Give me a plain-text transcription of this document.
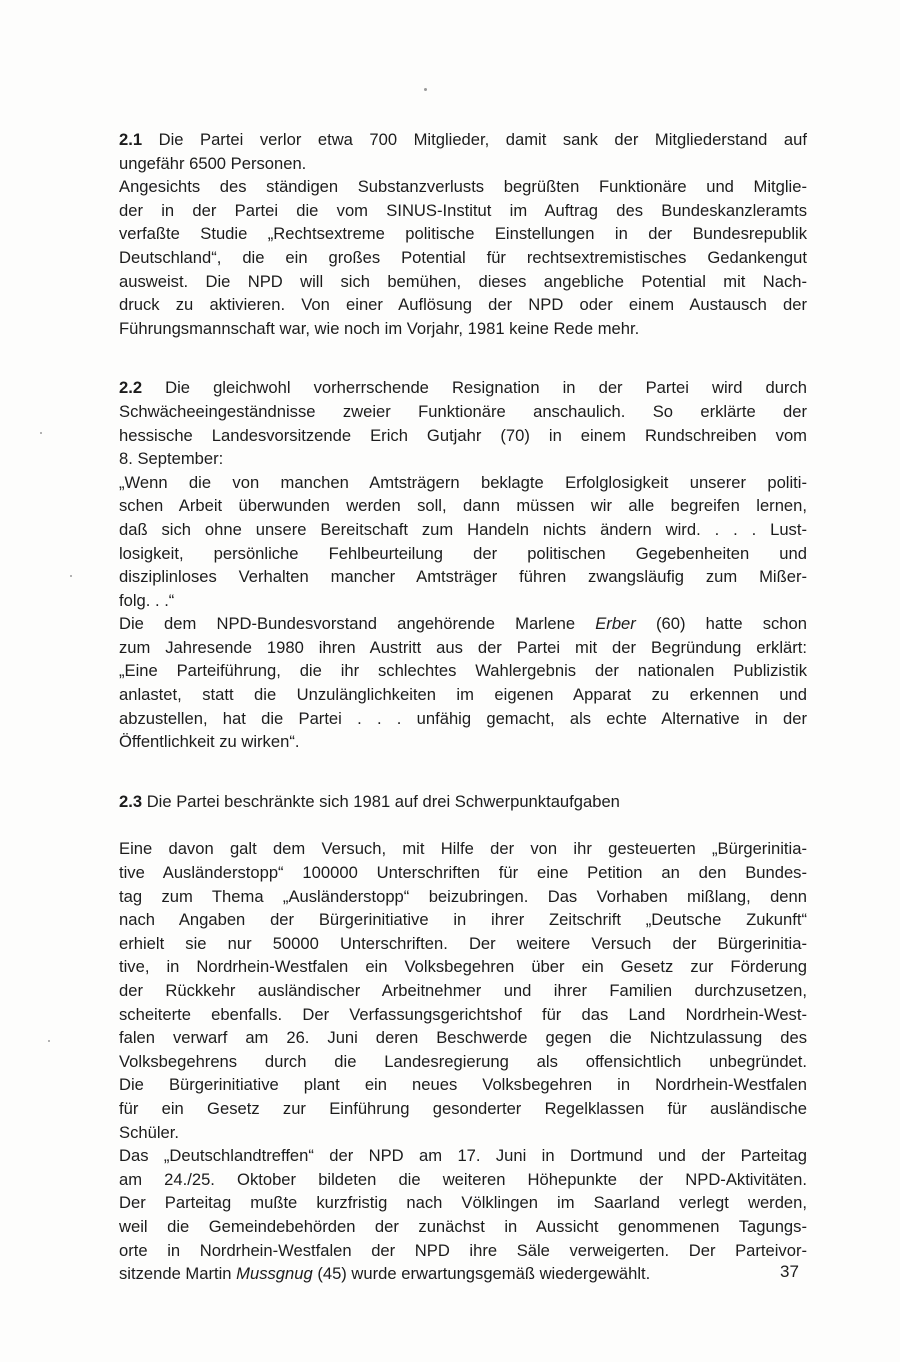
2.1 Die Partei verlor etwa 700 Mitglieder, damit sank der Mitgliederstand auf
ungefähr 6500 Personen.
Angesichts des ständigen Substanzverlusts begrüßten Funktionäre und Mitglie-
der in der Partei die vom SINUS-Institut im Auftrag des Bundeskanzleramts
verfaßte Studie „Rechtsextreme politische Einstellungen in der Bundesrepublik
Deutschland“, die ein großes Potential für rechtsextremistisches Gedankengut
ausweist. Die NPD will sich bemühen, dieses angebliche Potential mit Nach-
druck zu aktivieren. Von einer Auflösung der NPD oder einem Austausch der
Führungsmannschaft war, wie noch im Vorjahr, 1981 keine Rede mehr.
2.2 Die gleichwohl vorherrschende Resignation in der Partei wird durch
Schwächeeingeständnisse zweier Funktionäre anschaulich. So erklärte der
hessische Landesvorsitzende Erich Gutjahr (70) in einem Rundschreiben vom
8. September:
„Wenn die von manchen Amtsträgern beklagte Erfolglosigkeit unserer politi-
schen Arbeit überwunden werden soll, dann müssen wir alle begreifen lernen,
daß sich ohne unsere Bereitschaft zum Handeln nichts ändern wird. . . . Lust-
losigkeit, persönliche Fehlbeurteilung der politischen Gegebenheiten und
disziplinloses Verhalten mancher Amtsträger führen zwangsläufig zum Mißer-
folg. . .“
Die dem NPD-Bundesvorstand angehörende Marlene Erber (60) hatte schon
zum Jahresende 1980 ihren Austritt aus der Partei mit der Begründung erklärt:
„Eine Parteiführung, die ihr schlechtes Wahlergebnis der nationalen Publizistik
anlastet, statt die Unzulänglichkeiten im eigenen Apparat zu erkennen und
abzustellen, hat die Partei . . . unfähig gemacht, als echte Alternative in der
Öffentlichkeit zu wirken“.
2.3 Die Partei beschränkte sich 1981 auf drei Schwerpunktaufgaben
Eine davon galt dem Versuch, mit Hilfe der von ihr gesteuerten „Bürgerinitia-
tive Ausländerstopp“ 100000 Unterschriften für eine Petition an den Bundes-
tag zum Thema „Ausländerstopp“ beizubringen. Das Vorhaben mißlang, denn
nach Angaben der Bürgerinitiative in ihrer Zeitschrift „Deutsche Zukunft“
erhielt sie nur 50000 Unterschriften. Der weitere Versuch der Bürgerinitia-
tive, in Nordrhein-Westfalen ein Volksbegehren über ein Gesetz zur Förderung
der Rückkehr ausländischer Arbeitnehmer und ihrer Familien durchzusetzen,
scheiterte ebenfalls. Der Verfassungsgerichtshof für das Land Nordrhein-West-
falen verwarf am 26. Juni deren Beschwerde gegen die Nichtzulassung des
Volksbegehrens durch die Landesregierung als offensichtlich unbegründet.
Die Bürgerinitiative plant ein neues Volksbegehren in Nordrhein-Westfalen
für ein Gesetz zur Einführung gesonderter Regelklassen für ausländische
Schüler.
Das „Deutschlandtreffen“ der NPD am 17. Juni in Dortmund und der Parteitag
am 24./25. Oktober bildeten die weiteren Höhepunkte der NPD-Aktivitäten.
Der Parteitag mußte kurzfristig nach Völklingen im Saarland verlegt werden,
weil die Gemeindebehörden der zunächst in Aussicht genommenen Tagungs-
orte in Nordrhein-Westfalen der NPD ihre Säle verweigerten. Der Parteivor-
sitzende Martin Mussgnug (45) wurde erwartungsgemäß wiedergewählt.	37
